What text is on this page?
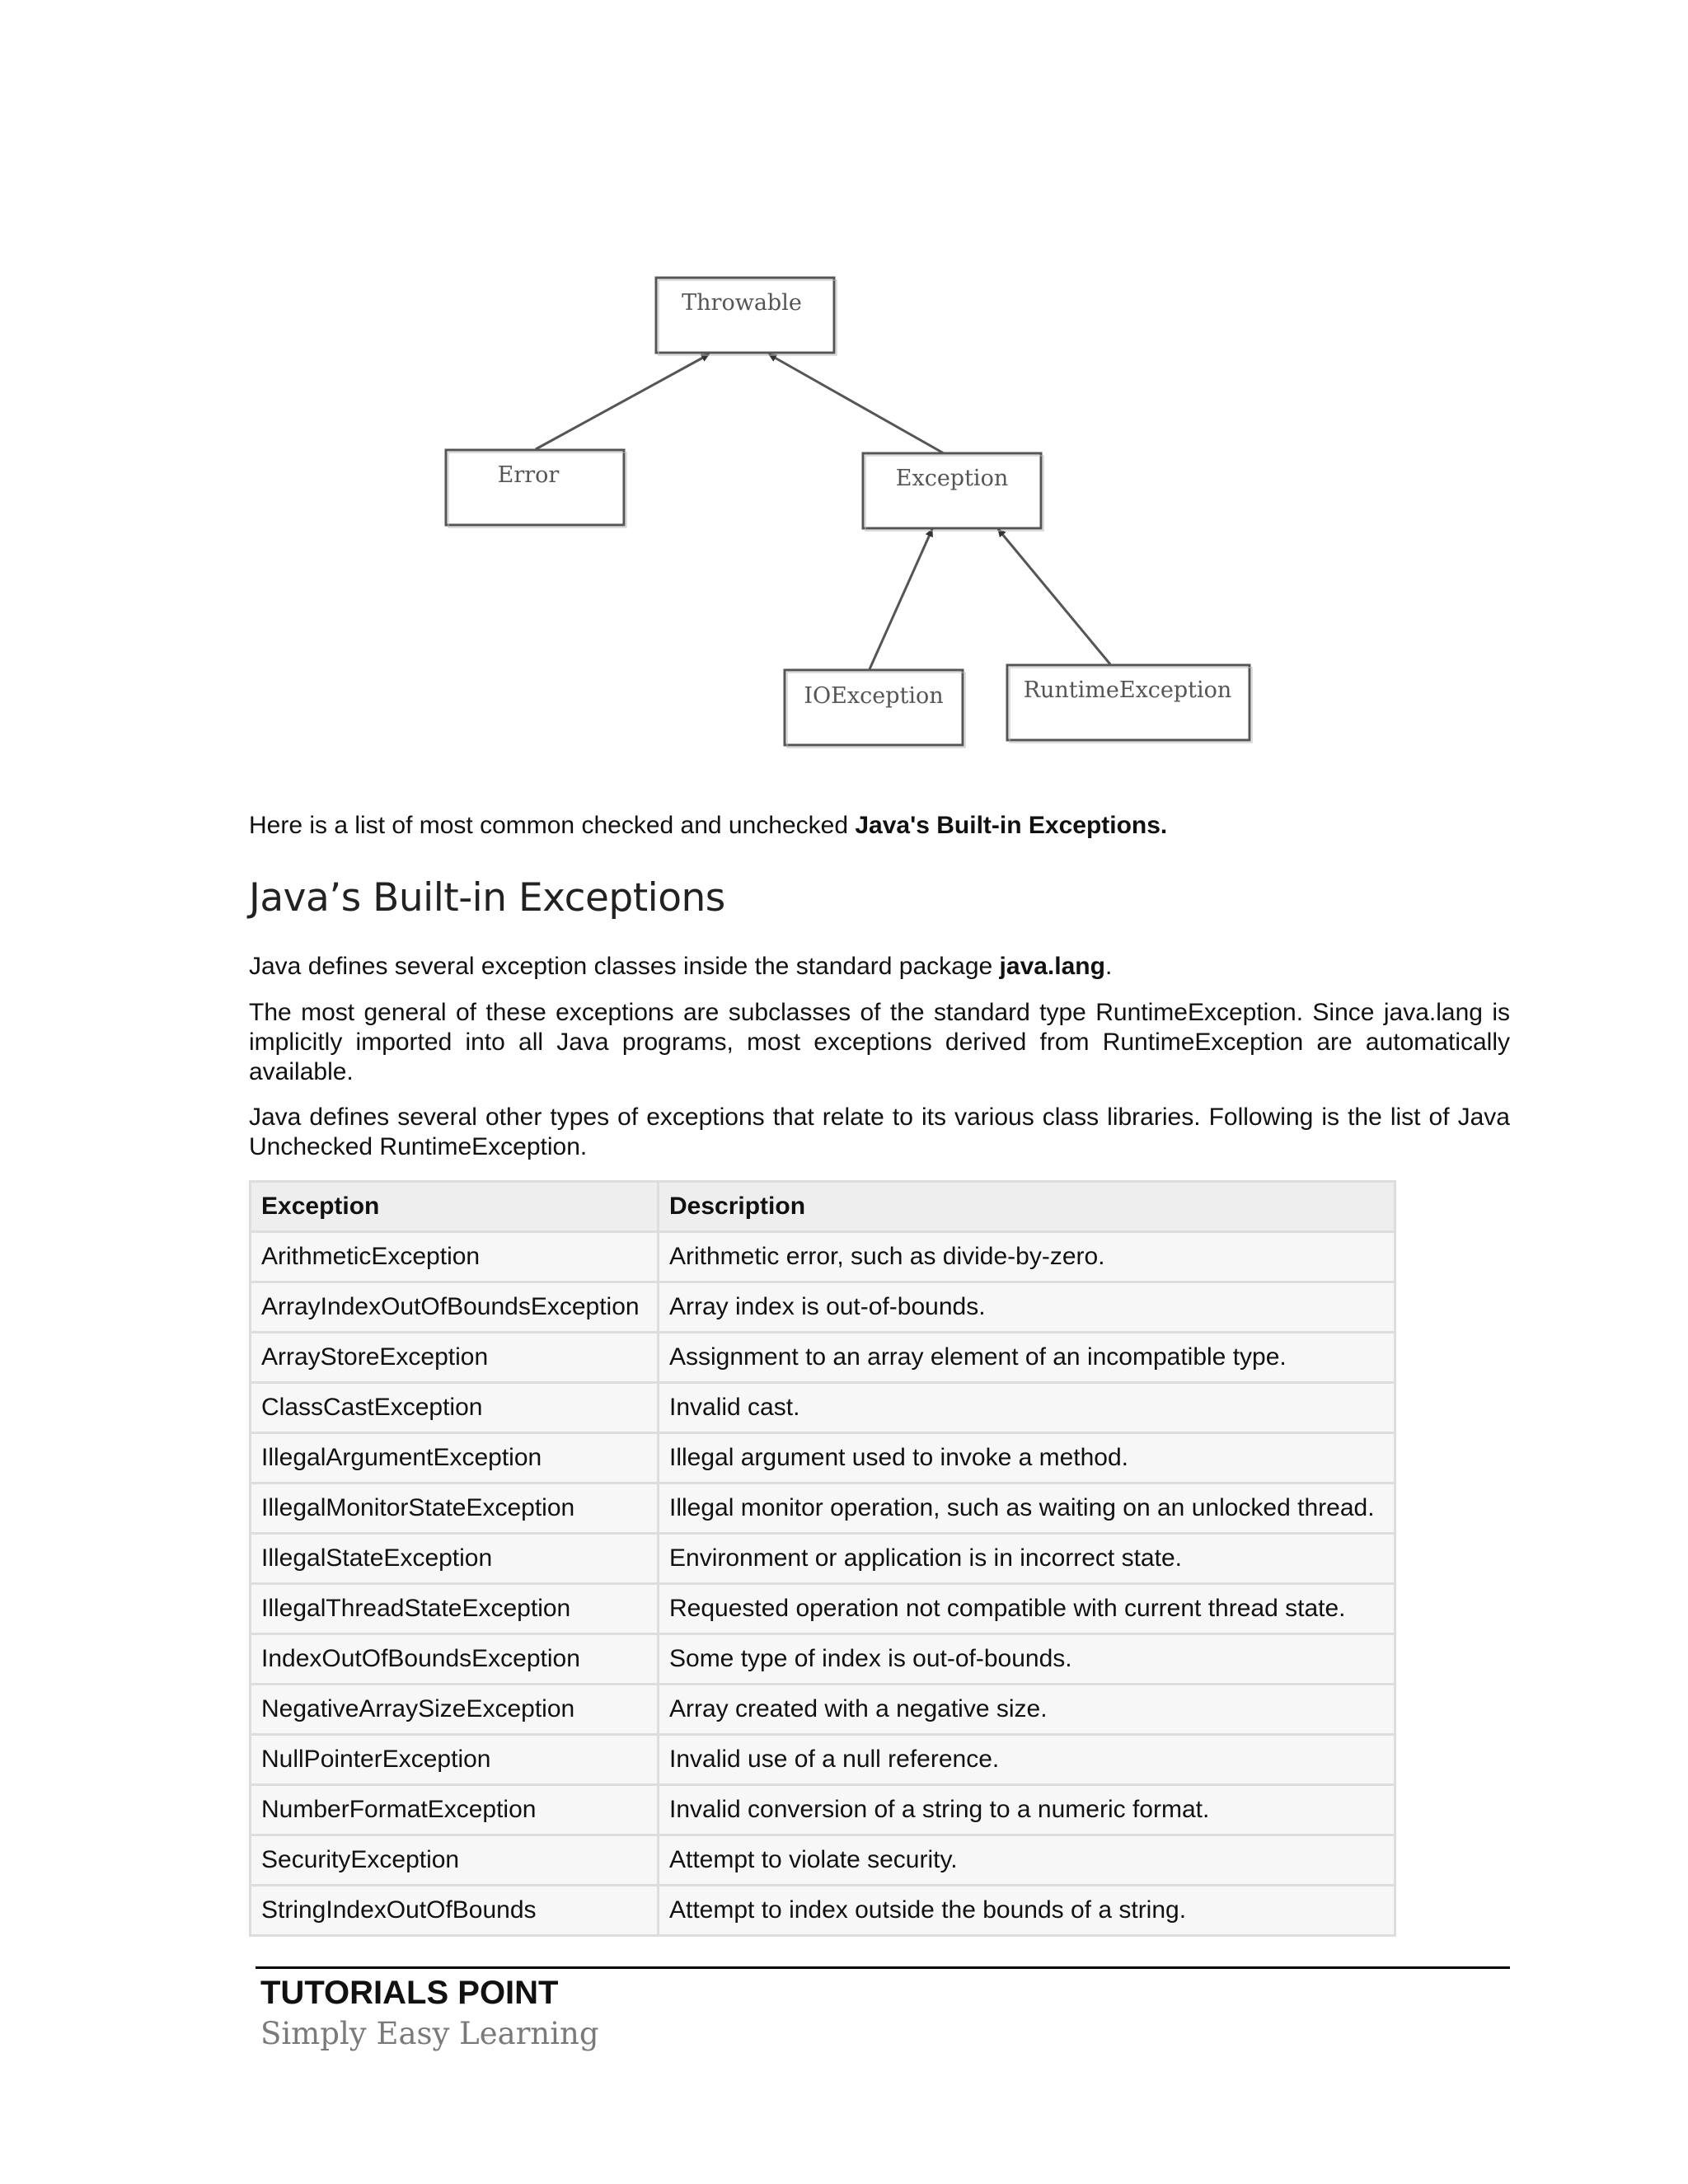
Throwable
Error	Exception
IOException	RuntimeException
Here is a list of most common checked and unchecked Java's Built-in Exceptions.
Java’s Built-in Exceptions
Java defines several exception classes inside the standard package java.lang.
The most general of these exceptions are subclasses of the standard type RuntimeException. Since java.lang is implicitly imported into all Java programs, most exceptions derived from RuntimeException are automatically available.
Java defines several other types of exceptions that relate to its various class libraries. Following is the list of Java Unchecked RuntimeException.
Exception	Description
ArithmeticException	Arithmetic error, such as divide-by-zero.
ArrayIndexOutOfBoundsException	Array index is out-of-bounds.
ArrayStoreException	Assignment to an array element of an incompatible type.
ClassCastException	Invalid cast.
IllegalArgumentException	Illegal argument used to invoke a method.
IllegalMonitorStateException	Illegal monitor operation, such as waiting on an unlocked thread.
IllegalStateException	Environment or application is in incorrect state.
IllegalThreadStateException	Requested operation not compatible with current thread state.
IndexOutOfBoundsException	Some type of index is out-of-bounds.
NegativeArraySizeException	Array created with a negative size.
NullPointerException	Invalid use of a null reference.
NumberFormatException	Invalid conversion of a string to a numeric format.
SecurityException	Attempt to violate security.
StringIndexOutOfBounds	Attempt to index outside the bounds of a string.
TUTORIALS POINT
Simply Easy Learning
